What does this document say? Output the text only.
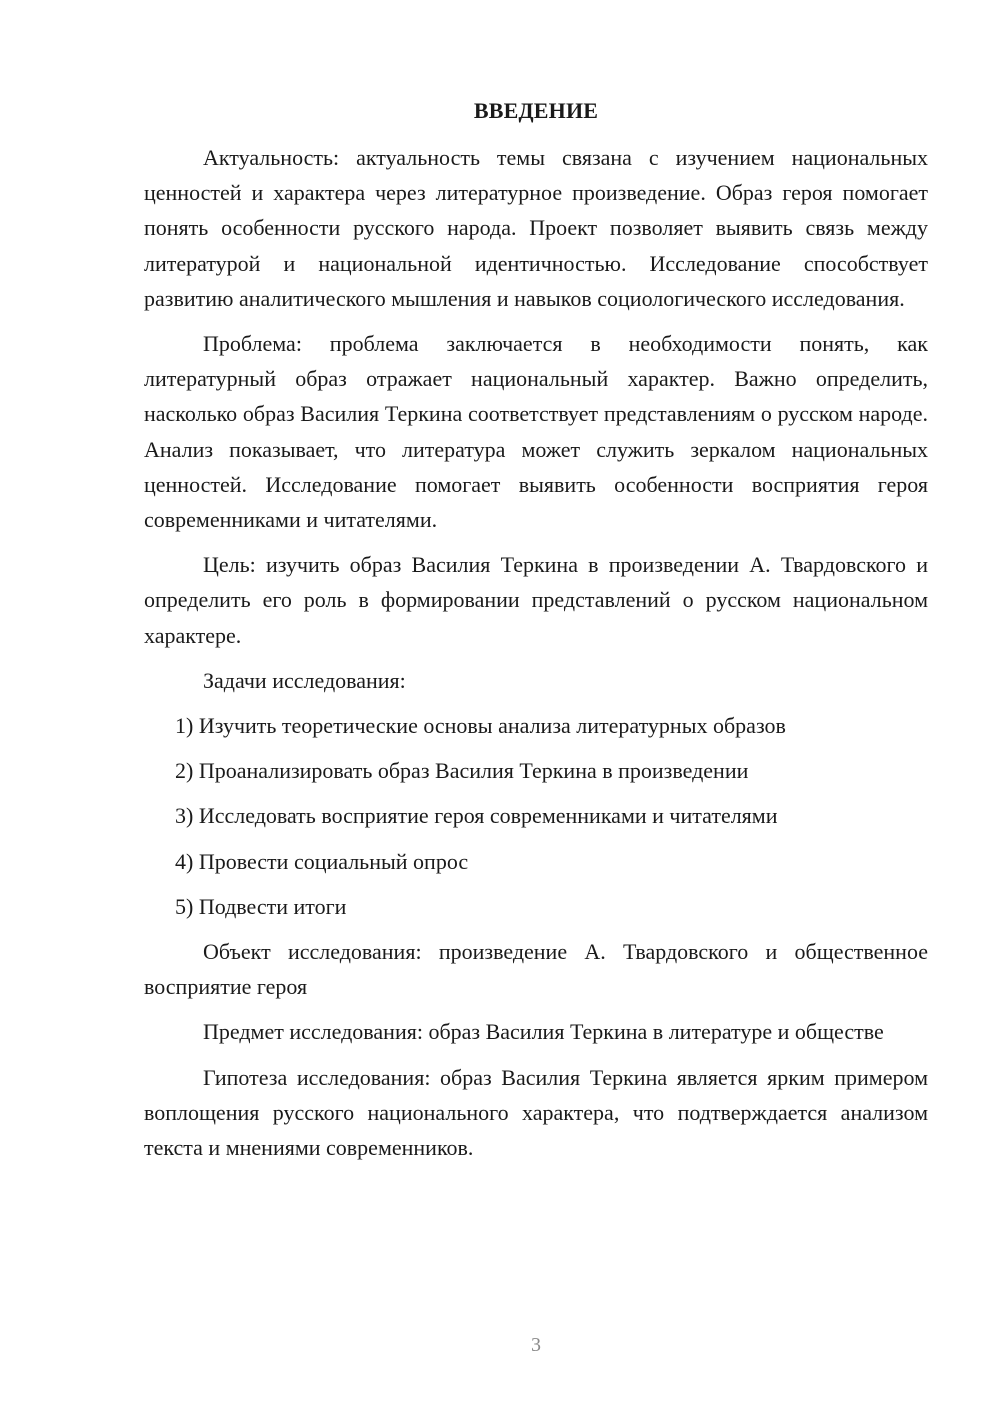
ВВЕДЕНИЕ

Актуальность: актуальность темы связана с изучением национальных ценностей и характера через литературное произведение. Образ героя помогает понять особенности русского народа. Проект позволяет выявить связь между литературой и национальной идентичностью. Исследование способствует развитию аналитического мышления и навыков социологического исследования.

Проблема: проблема заключается в необходимости понять, как литературный образ отражает национальный характер. Важно определить, насколько образ Василия Теркина соответствует представлениям о русском народе. Анализ показывает, что литература может служить зеркалом национальных ценностей. Исследование помогает выявить особенности восприятия героя современниками и читателями.

Цель: изучить образ Василия Теркина в произведении А. Твардовского и определить его роль в формировании представлений о русском национальном характере.

Задачи исследования:

1) Изучить теоретические основы анализа литературных образов
2) Проанализировать образ Василия Теркина в произведении
3) Исследовать восприятие героя современниками и читателями
4) Провести социальный опрос
5) Подвести итоги

Объект исследования: произведение А. Твардовского и общественное восприятие героя

Предмет исследования: образ Василия Теркина в литературе и обществе

Гипотеза исследования: образ Василия Теркина является ярким примером воплощения русского национального характера, что подтверждается анализом текста и мнениями современников.

3
